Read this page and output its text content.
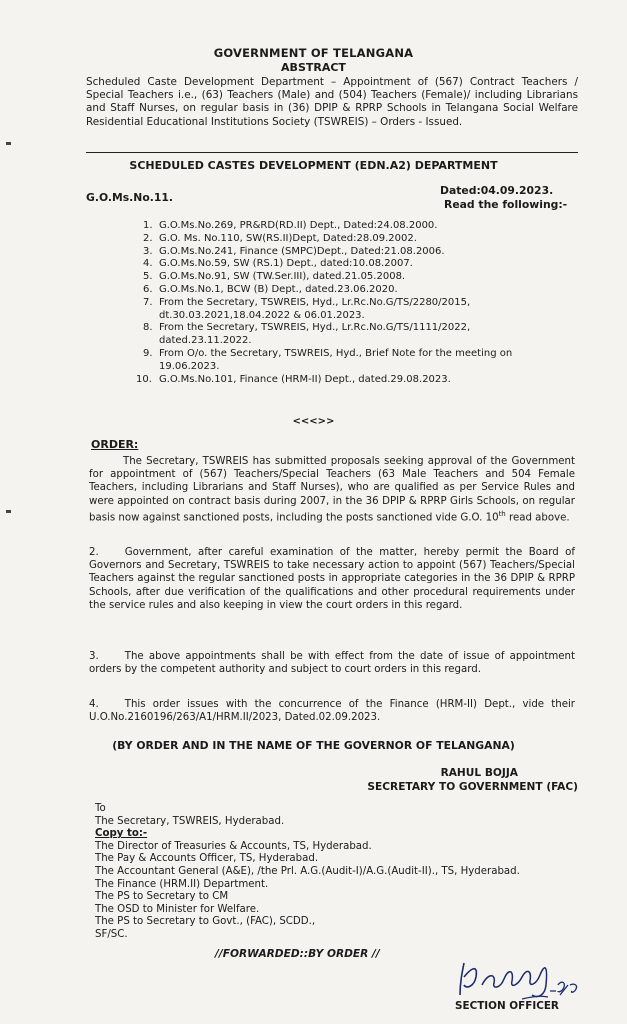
GOVERNMENT OF TELANGANA
ABSTRACT
Scheduled Caste Development Department – Appointment of (567) Contract Teachers / Special Teachers i.e., (63) Teachers (Male) and (504) Teachers (Female)/ including Librarians and Staff Nurses, on regular basis in (36) DPIP & RPRP Schools in Telangana Social Welfare Residential Educational Institutions Society (TSWREIS) – Orders - Issued.
SCHEDULED CASTES DEVELOPMENT (EDN.A2) DEPARTMENT
G.O.Ms.No.11.
Dated:04.09.2023.
Read the following:-
1. G.O.Ms.No.269, PR&RD(RD.II) Dept., Dated:24.08.2000.
2. G.O. Ms. No.110, SW(RS.II)Dept, Dated:28.09.2002.
3. G.O.Ms.No.241, Finance (SMPC)Dept., Dated:21.08.2006.
4. G.O.Ms.No.59, SW (RS.1) Dept., dated:10.08.2007.
5. G.O.Ms.No.91, SW (TW.Ser.III), dated.21.05.2008.
6. G.O.Ms.No.1, BCW (B) Dept., dated.23.06.2020.
7. From the Secretary, TSWREIS, Hyd., Lr.Rc.No.G/TS/2280/2015, dt.30.03.2021,18.04.2022 & 06.01.2023.
8. From the Secretary, TSWREIS, Hyd., Lr.Rc.No.G/TS/1111/2022, dated.23.11.2022.
9. From O/o. the Secretary, TSWREIS, Hyd., Brief Note for the meeting on 19.06.2023.
10. G.O.Ms.No.101, Finance (HRM-II) Dept., dated.29.08.2023.
<<<>>
ORDER:

The Secretary, TSWREIS has submitted proposals seeking approval of the Government for appointment of (567) Teachers/Special Teachers (63 Male Teachers and 504 Female Teachers, including Librarians and Staff Nurses), who are qualified as per Service Rules and were appointed on contract basis during 2007, in the 36 DPIP & RPRP Girls Schools, on regular basis now against sanctioned posts, including the posts sanctioned vide G.O. 10th read above.

2.	Government, after careful examination of the matter, hereby permit the Board of Governors and Secretary, TSWREIS to take necessary action to appoint (567) Teachers/Special Teachers against the regular sanctioned posts in appropriate categories in the 36 DPIP & RPRP Schools, after due verification of the qualifications and other procedural requirements under the service rules and also keeping in view the court orders in this regard.

3.	The above appointments shall be with effect from the date of issue of appointment orders by the competent authority and subject to court orders in this regard.

4.	This order issues with the concurrence of the Finance (HRM-II) Dept., vide their U.O.No.2160196/263/A1/HRM.II/2023, Dated.02.09.2023.

(BY ORDER AND IN THE NAME OF THE GOVERNOR OF TELANGANA)
RAHUL BOJJA
SECRETARY TO GOVERNMENT (FAC)
To
The Secretary, TSWREIS, Hyderabad.
Copy to:-
The Director of Treasuries & Accounts, TS, Hyderabad.
The Pay & Accounts Officer, TS, Hyderabad.
The Accountant General (A&E), /the Prl. A.G.(Audit-I)/A.G.(Audit-II)., TS, Hyderabad.
The Finance (HRM.II) Department.
The PS to Secretary to CM
The OSD to Minister for Welfare.
The PS to Secretary to Govt., (FAC), SCDD.,
SF/SC.
//FORWARDED::BY ORDER //
SECTION OFFICER
